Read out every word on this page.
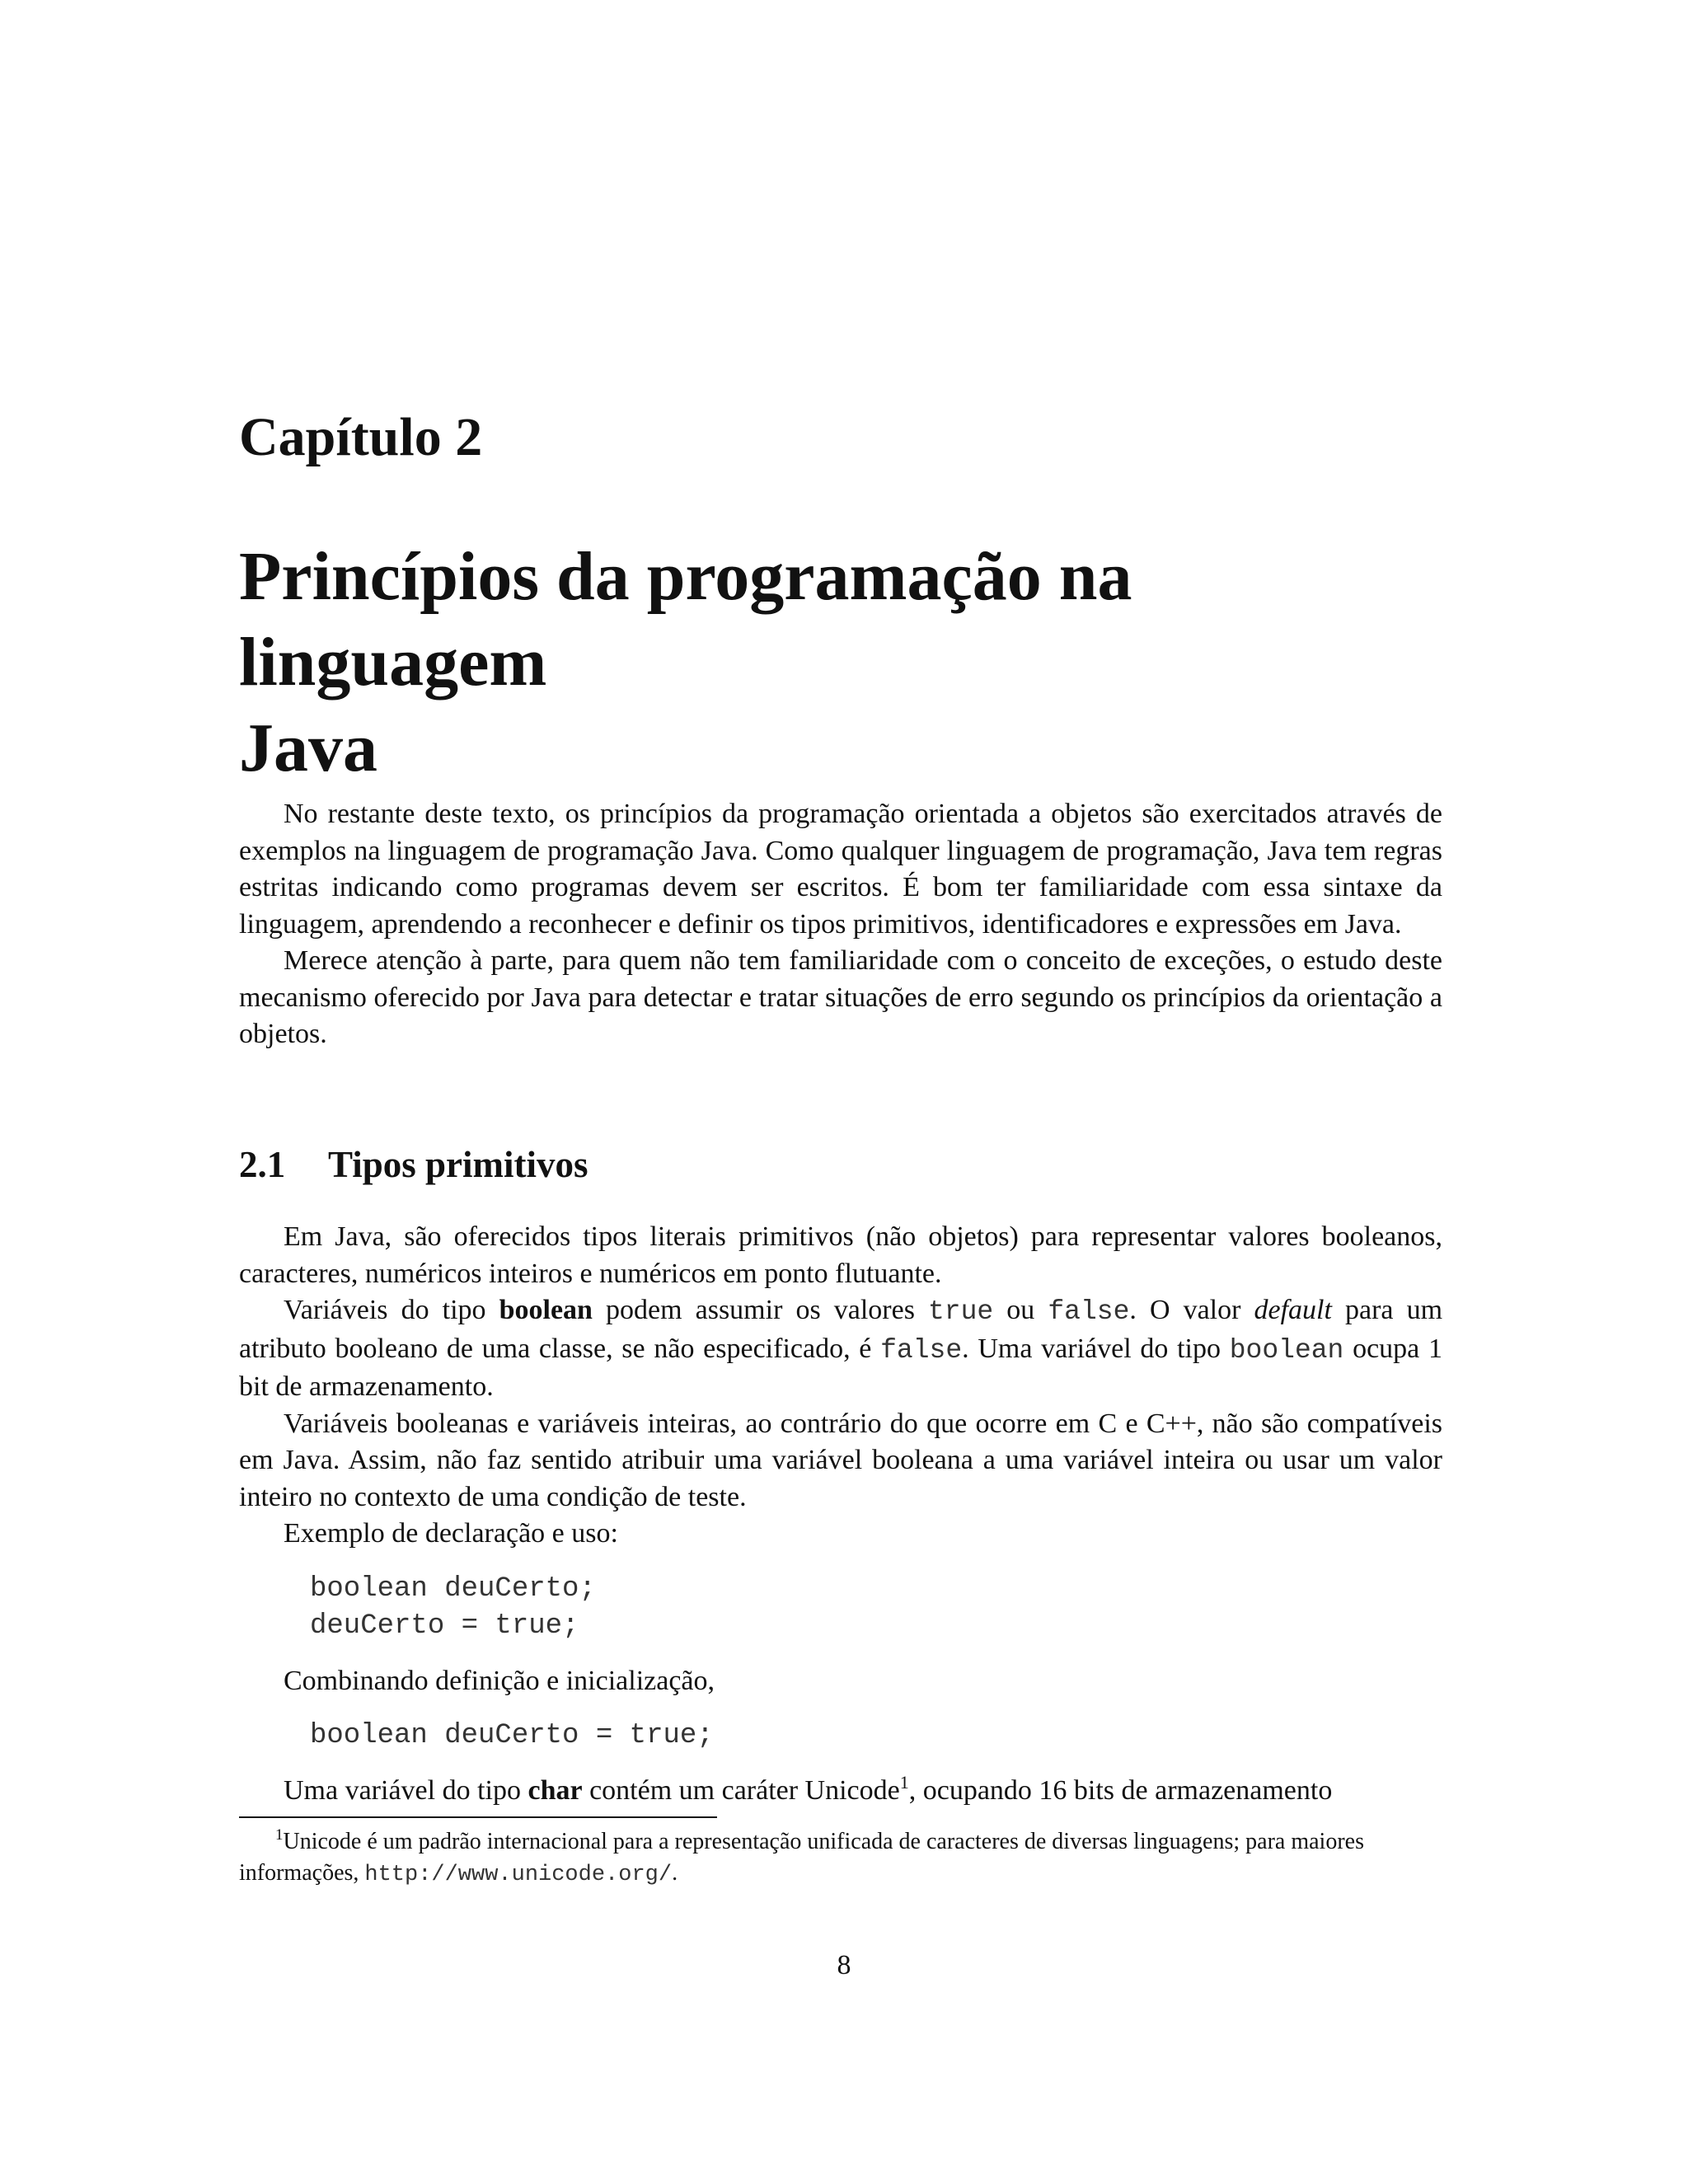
Capítulo 2
Princípios da programação na linguagem
Java

No restante deste texto, os princípios da programação orientada a objetos são exercitados através de exemplos na linguagem de programação Java. Como qualquer linguagem de programação, Java tem regras estritas indicando como programas devem ser escritos. É bom ter familiaridade com essa sintaxe da linguagem, aprendendo a reconhecer e definir os tipos primitivos, identificadores e expressões em Java.

Merece atenção à parte, para quem não tem familiaridade com o conceito de exceções, o estudo deste mecanismo oferecido por Java para detectar e tratar situações de erro segundo os princípios da orientação a objetos.

2.1 Tipos primitivos

Em Java, são oferecidos tipos literais primitivos (não objetos) para representar valores booleanos, caracteres, numéricos inteiros e numéricos em ponto flutuante.

Variáveis do tipo boolean podem assumir os valores true ou false. O valor default para um atributo booleano de uma classe, se não especificado, é false. Uma variável do tipo boolean ocupa 1 bit de armazenamento.

Variáveis booleanas e variáveis inteiras, ao contrário do que ocorre em C e C++, não são compatíveis em Java. Assim, não faz sentido atribuir uma variável booleana a uma variável inteira ou usar um valor inteiro no contexto de uma condição de teste.

Exemplo de declaração e uso:

boolean deuCerto;
deuCerto = true;

Combinando definição e inicialização,

boolean deuCerto = true;

Uma variável do tipo char contém um caráter Unicode$^1$, ocupando 16 bits de armazenamento

$^1$Unicode é um padrão internacional para a representação unificada de caracteres de diversas linguagens; para maiores informações, http://www.unicode.org/.

8
